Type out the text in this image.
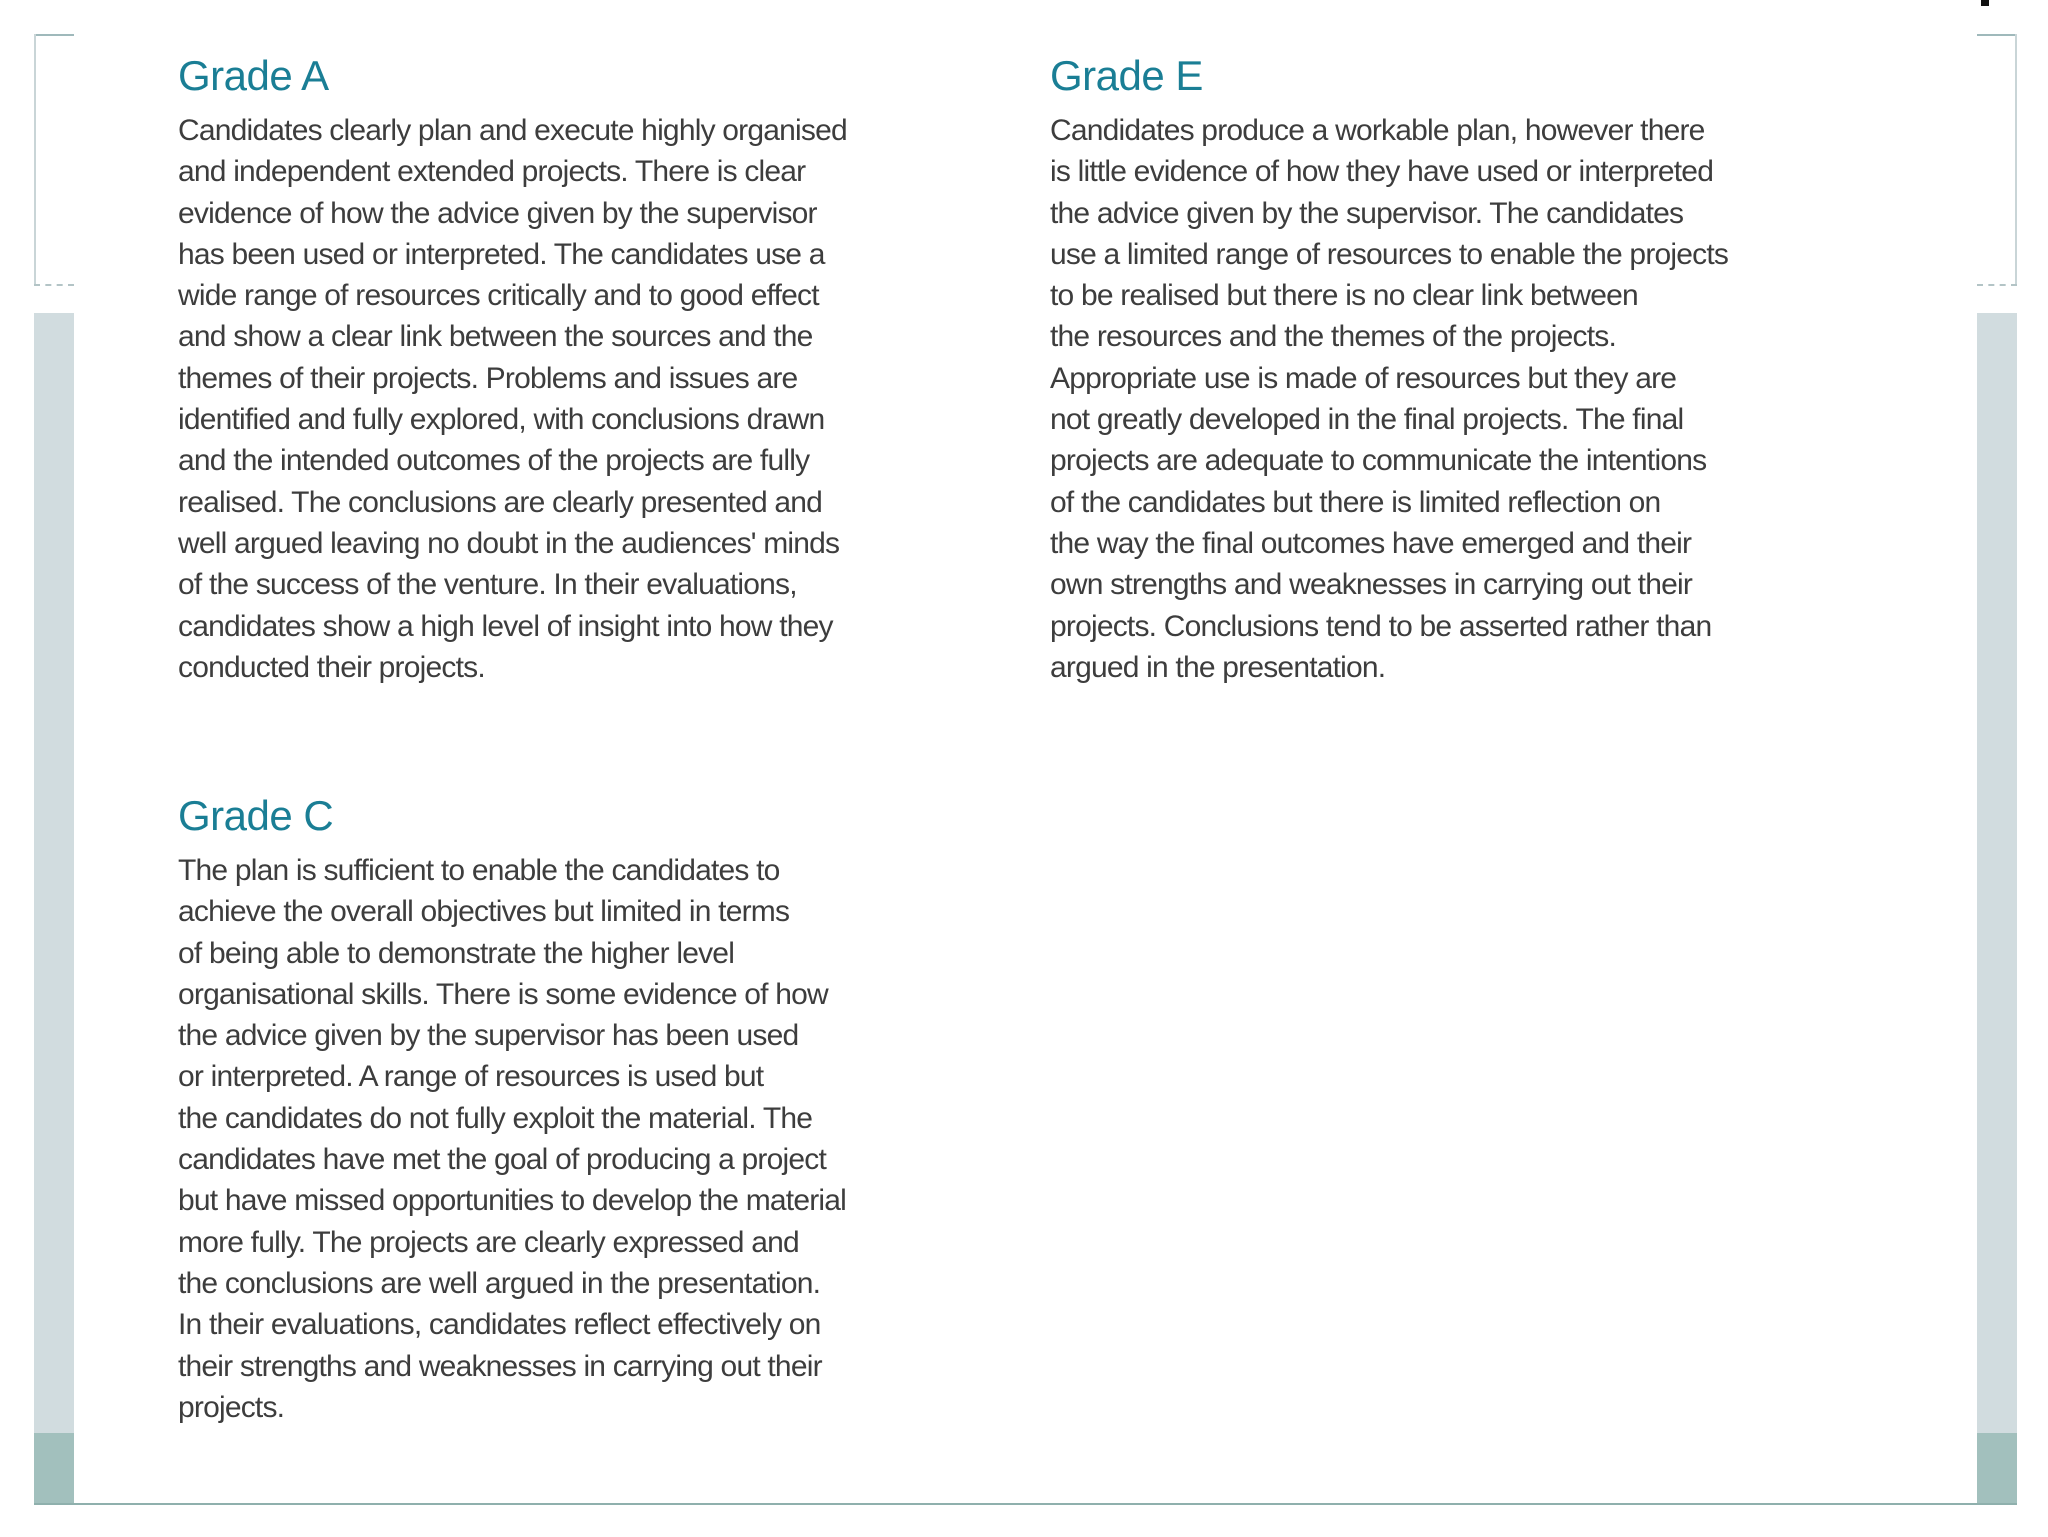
Grade A

Candidates clearly plan and execute highly organised
and independent extended projects. There is clear
evidence of how the advice given by the supervisor
has been used or interpreted. The candidates use a
wide range of resources critically and to good effect
and show a clear link between the sources and the
themes of their projects. Problems and issues are
identified and fully explored, with conclusions drawn
and the intended outcomes of the projects are fully
realised. The conclusions are clearly presented and
well argued leaving no doubt in the audiences' minds
of the success of the venture. In their evaluations,
candidates show a high level of insight into how they
conducted their projects.

Grade E

Candidates produce a workable plan, however there
is little evidence of how they have used or interpreted
the advice given by the supervisor. The candidates
use a limited range of resources to enable the projects
to be realised but there is no clear link between
the resources and the themes of the projects.
Appropriate use is made of resources but they are
not greatly developed in the final projects. The final
projects are adequate to communicate the intentions
of the candidates but there is limited reflection on
the way the final outcomes have emerged and their
own strengths and weaknesses in carrying out their
projects. Conclusions tend to be asserted rather than
argued in the presentation.

Grade C

The plan is sufficient to enable the candidates to
achieve the overall objectives but limited in terms
of being able to demonstrate the higher level
organisational skills. There is some evidence of how
the advice given by the supervisor has been used
or interpreted. A range of resources is used but
the candidates do not fully exploit the material. The
candidates have met the goal of producing a project
but have missed opportunities to develop the material
more fully. The projects are clearly expressed and
the conclusions are well argued in the presentation.
In their evaluations, candidates reflect effectively on
their strengths and weaknesses in carrying out their
projects.
